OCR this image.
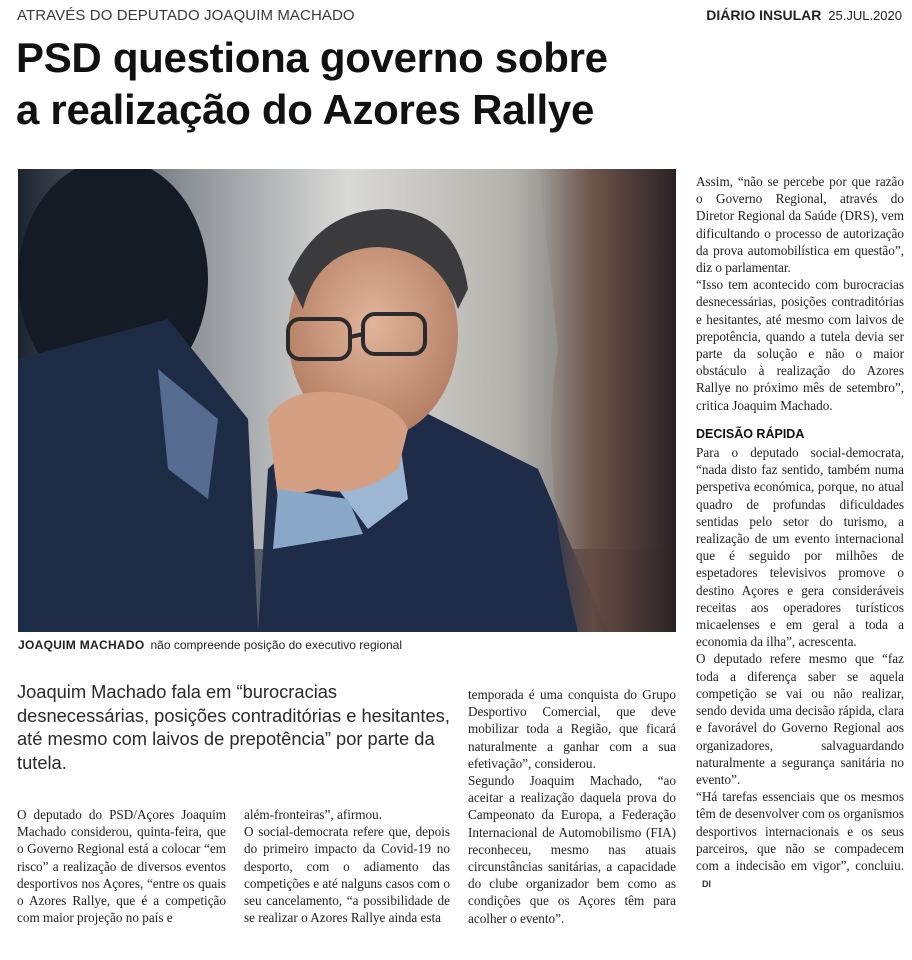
ATRAVÉS DO DEPUTADO JOAQUIM MACHADO	DIÁRIO INSULAR 25.JUL.2020
PSD questiona governo sobre
a realização do Azores Rallye
JOAQUIM MACHADO não compreende posição do executivo regional

Joaquim Machado fala em “burocracias desnecessárias, posições contraditórias e hesitantes, até mesmo com laivos de prepotência” por parte da tutela.

O deputado do PSD/Açores Joaquim Machado considerou, quinta-feira, que o Governo Regional está a colocar “em risco” a realização de diversos eventos desportivos nos Açores, “entre os quais o Azores Rallye, que é a competição com maior projeção no país e

além-fronteiras”, afirmou.

O social-democrata refere que, depois do primeiro impacto da Covid-19 no desporto, com o adiamento das competições e até nalguns casos com o seu cancelamento, “a possibilidade de se realizar o Azores Rallye ainda esta

temporada é uma conquista do Grupo Desportivo Comercial, que deve mobilizar toda a Região, que ficará naturalmente a ganhar com a sua efetivação”, considerou.

Segundo Joaquim Machado, “ao aceitar a realização daquela prova do Campeonato da Europa, a Federação Internacional de Automobilismo (FIA) reconheceu, mesmo nas atuais circunstâncias sanitárias, a capacidade do clube organizador bem como as condições que os Açores têm para acolher o evento”.

Assim, “não se percebe por que razão o Governo Regional, através do Diretor Regional da Saúde (DRS), vem dificultando o processo de autorização da prova automobilística em questão”, diz o parlamentar.

“Isso tem acontecido com burocracias desnecessárias, posições contraditórias e hesitantes, até mesmo com laivos de prepotência, quando a tutela devia ser parte da solução e não o maior obstáculo à realização do Azores Rallye no próximo mês de setembro”, critica Joaquim Machado.

DECISÃO RÁPIDA

Para o deputado social-democrata, “nada disto faz sentido, também numa perspetiva económica, porque, no atual quadro de profundas dificuldades sentidas pelo setor do turismo, a realização de um evento internacional que é seguido por milhões de espetadores televisivos promove o destino Açores e gera consideráveis receitas aos operadores turísticos micaelenses e em geral a toda a economia da ilha”, acrescenta.

O deputado refere mesmo que “faz toda a diferença saber se aquela competição se vai ou não realizar, sendo devida uma decisão rápida, clara e favorável do Governo Regional aos organizadores, salvaguardando naturalmente a segurança sanitária no evento”.

“Há tarefas essenciais que os mesmos têm de desenvolver com os organismos desportivos internacionais e os seus parceiros, que não se compadecem com a indecisão em vigor”, concluiu.DI
